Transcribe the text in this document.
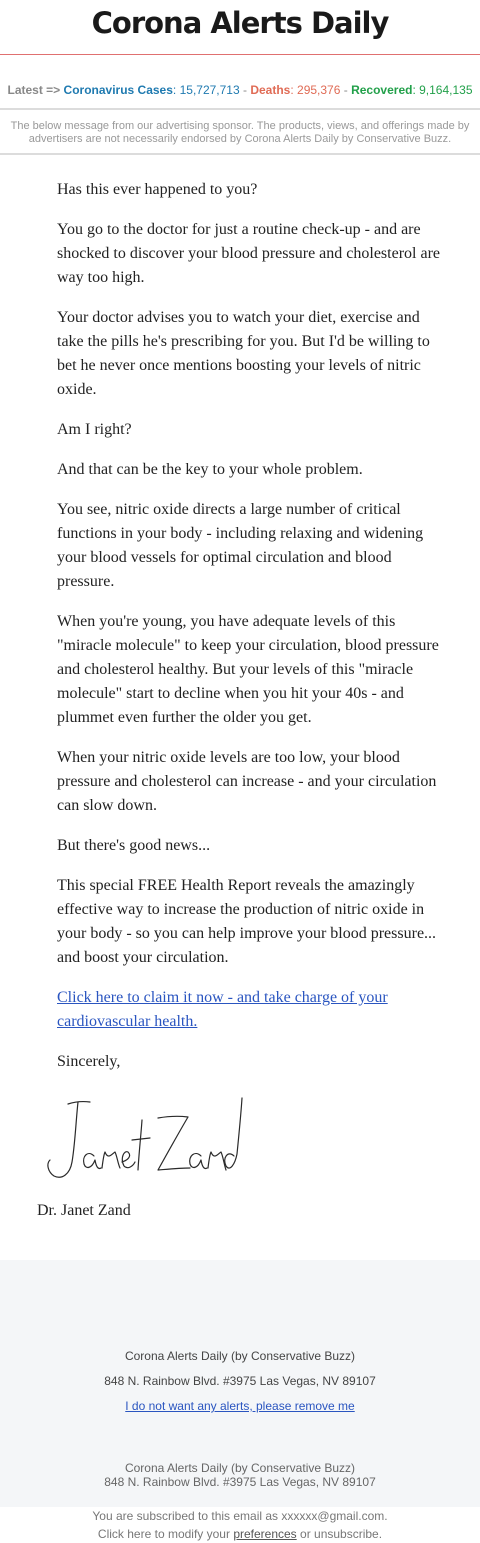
Corona Alerts Daily
Latest => Coronavirus Cases: 15,727,713 - Deaths: 295,376 - Recovered: 9,164,135
The below message from our advertising sponsor. The products, views, and offerings made by advertisers are not necessarily endorsed by Corona Alerts Daily by Conservative Buzz.

Has this ever happened to you?

You go to the doctor for just a routine check-up - and are shocked to discover your blood pressure and cholesterol are way too high.

Your doctor advises you to watch your diet, exercise and take the pills he's prescribing for you. But I'd be willing to bet he never once mentions boosting your levels of nitric oxide.

Am I right?

And that can be the key to your whole problem.

You see, nitric oxide directs a large number of critical functions in your body - including relaxing and widening your blood vessels for optimal circulation and blood pressure.

When you're young, you have adequate levels of this "miracle molecule" to keep your circulation, blood pressure and cholesterol healthy. But your levels of this "miracle molecule" start to decline when you hit your 40s - and plummet even further the older you get.

When your nitric oxide levels are too low, your blood pressure and cholesterol can increase - and your circulation can slow down.

But there's good news...

This special FREE Health Report reveals the amazingly effective way to increase the production of nitric oxide in your body - so you can help improve your blood pressure... and boost your circulation.

Click here to claim it now - and take charge of your cardiovascular health.

Sincerely,

Dr. Janet Zand
Corona Alerts Daily (by Conservative Buzz)
848 N. Rainbow Blvd. #3975 Las Vegas, NV 89107
I do not want any alerts, please remove me
Corona Alerts Daily (by Conservative Buzz)
848 N. Rainbow Blvd. #3975 Las Vegas, NV 89107
You are subscribed to this email as xxxxxx@gmail.com.
Click here to modify your preferences or unsubscribe.
